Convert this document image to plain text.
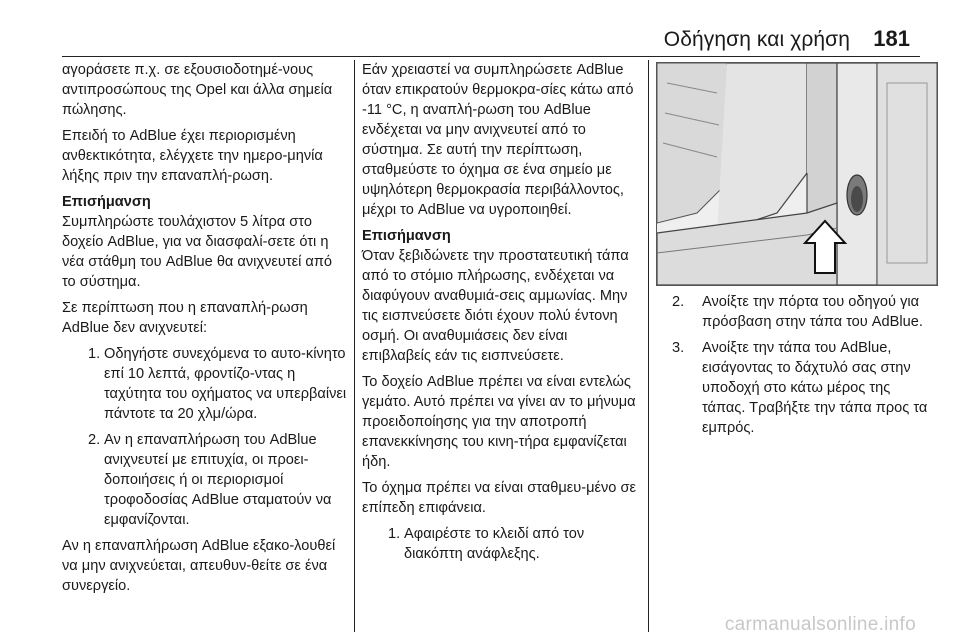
Οδήγηση και χρήση 181

αγοράσετε π.χ. σε εξουσιοδοτημέ-νους αντιπροσώπους της Opel και άλλα σημεία πώλησης.

Επειδή το AdBlue έχει περιορισμένη ανθεκτικότητα, ελέγχετε την ημερο-μηνία λήξης πριν την επαναπλή-ρωση.

Επισήμανση

Συμπληρώστε τουλάχιστον 5 λίτρα στο δοχείο AdBlue, για να διασφαλί-σετε ότι η νέα στάθμη του AdBlue θα ανιχνευτεί από το σύστημα.

Σε περίπτωση που η επαναπλή-ρωση AdBlue δεν ανιχνευτεί:

1. Οδηγήστε συνεχόμενα το αυτο-κίνητο επί 10 λεπτά, φροντίζο-ντας η ταχύτητα του οχήματος να υπερβαίνει πάντοτε τα 20 χλμ/ώρα.
2. Αν η επαναπλήρωση του AdBlue ανιχνευτεί με επιτυχία, οι προει-δοποιήσεις ή οι περιορισμοί τροφοδοσίας AdBlue σταματούν να εμφανίζονται.

Αν η επαναπλήρωση AdBlue εξακο-λουθεί να μην ανιχνεύεται, απευθυν-θείτε σε ένα συνεργείο.

Εάν χρειαστεί να συμπληρώσετε AdBlue όταν επικρατούν θερμοκρα-σίες κάτω από -11 °C, η αναπλή-ρωση του AdBlue ενδέχεται να μην ανιχνευτεί από το σύστημα. Σε αυτή την περίπτωση, σταθμεύστε το όχημα σε ένα σημείο με υψηλότερη θερμοκρασία περιβάλλοντος, μέχρι το AdBlue να υγροποιηθεί.

Επισήμανση

Όταν ξεβιδώνετε την προστατευτική τάπα από το στόμιο πλήρωσης, ενδέχεται να διαφύγουν αναθυμιά-σεις αμμωνίας. Μην τις εισπνεύσετε διότι έχουν πολύ έντονη οσμή. Οι αναθυμιάσεις δεν είναι επιβλαβείς εάν τις εισπνεύσετε.

Το δοχείο AdBlue πρέπει να είναι εντελώς γεμάτο. Αυτό πρέπει να γίνει αν το μήνυμα προειδοποίησης για την αποτροπή επανεκκίνησης του κινη-τήρα εμφανίζεται ήδη.

Το όχημα πρέπει να είναι σταθμευ-μένο σε επίπεδη επιφάνεια.

1. Αφαιρέστε το κλειδί από τον διακόπτη ανάφλεξης.
2. Ανοίξτε την πόρτα του οδηγού για πρόσβαση στην τάπα του AdBlue.
3. Ανοίξτε την τάπα του AdBlue, εισάγοντας το δάχτυλό σας στην υποδοχή στο κάτω μέρος της τάπας. Τραβήξτε την τάπα προς τα εμπρός.
carmanualsonline.info
